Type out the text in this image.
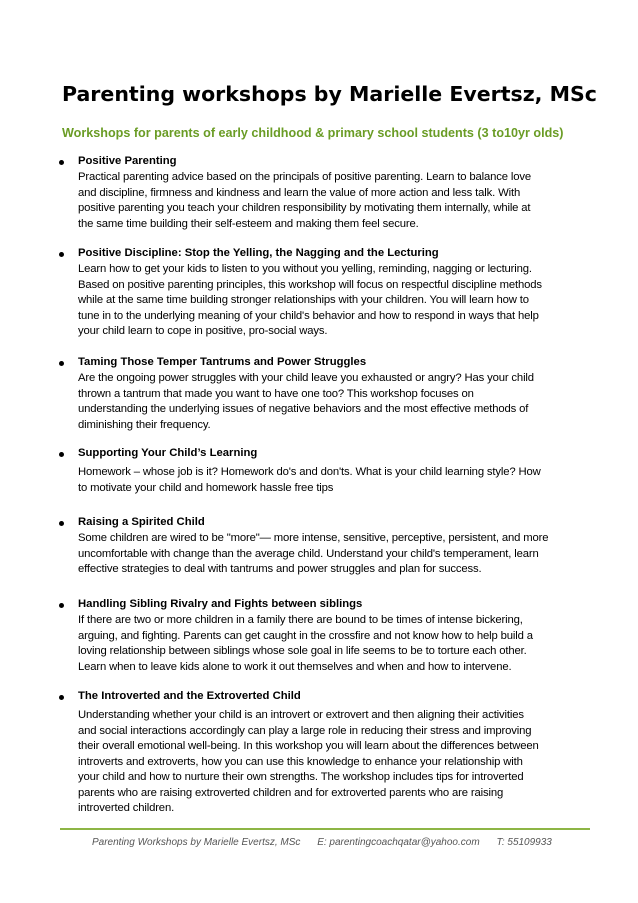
Parenting workshops by Marielle Evertsz, MSc
Workshops for parents of early childhood & primary school students (3 to10yr olds)
Positive Parenting

Practical parenting advice based on the principals of positive parenting. Learn to balance love

and discipline, firmness and kindness and learn the value of more action and less talk. With

positive parenting you teach your children responsibility by motivating them internally, while at

the same time building their self-esteem and making them feel secure.

Positive Discipline: Stop the Yelling, the Nagging and the Lecturing

Learn how to get your kids to listen to you without you yelling, reminding, nagging or lecturing.

Based on positive parenting principles, this workshop will focus on respectful discipline methods

while at the same time building stronger relationships with your children. You will learn how to

tune in to the underlying meaning of your child's behavior and how to respond in ways that help

your child learn to cope in positive, pro-social ways.

Taming Those Temper Tantrums and Power Struggles

Are the ongoing power struggles with your child leave you exhausted or angry? Has your child

thrown a tantrum that made you want to have one too? This workshop focuses on

understanding the underlying issues of negative behaviors and the most effective methods of

diminishing their frequency.

Supporting Your Child’s Learning

Homework – whose job is it? Homework do's and don'ts. What is your child learning style? How

to motivate your child and homework hassle free tips

Raising a Spirited Child

Some children are wired to be "more"— more intense, sensitive, perceptive, persistent, and more

uncomfortable with change than the average child. Understand your child's temperament, learn

effective strategies to deal with tantrums and power struggles and plan for success.

Handling Sibling Rivalry and Fights between siblings

If there are two or more children in a family there are bound to be times of intense bickering,

arguing, and fighting. Parents can get caught in the crossfire and not know how to help build a

loving relationship between siblings whose sole goal in life seems to be to torture each other.

Learn when to leave kids alone to work it out themselves and when and how to intervene.

The Introverted and the Extroverted Child

Understanding whether your child is an introvert or extrovert and then aligning their activities

and social interactions accordingly can play a large role in reducing their stress and improving

their overall emotional well-being. In this workshop you will learn about the differences between

introverts and extroverts, how you can use this knowledge to enhance your relationship with

your child and how to nurture their own strengths. The workshop includes tips for introverted

parents who are raising extroverted children and for extroverted parents who are raising

introverted children.

Parenting Workshops by Marielle Evertsz, MSc E: parentingcoachqatar@yahoo.com T: 55109933
